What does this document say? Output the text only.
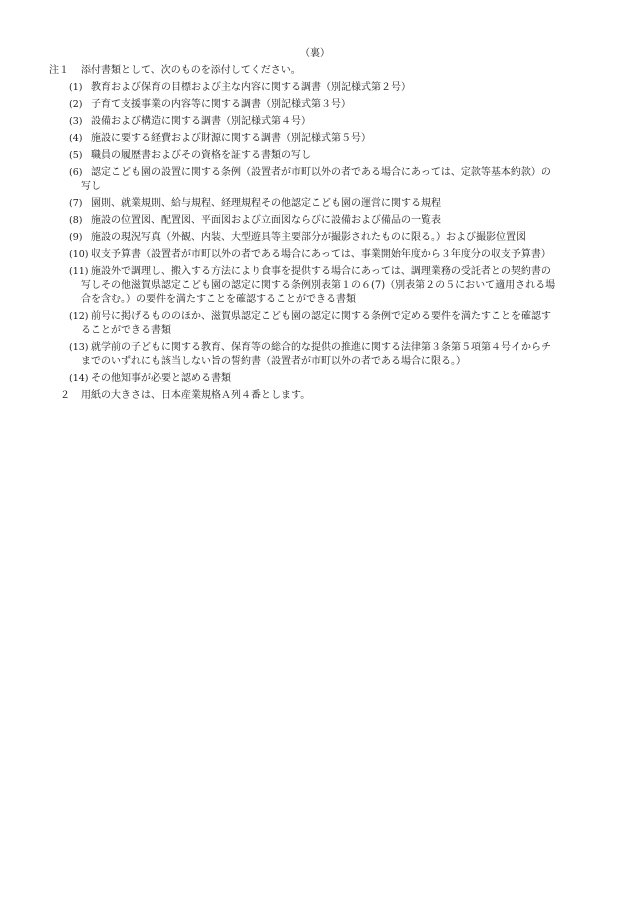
（裏）
注１	添付書類として、次のものを添付してください。
(1) 教育および保育の目標および主な内容に関する調書（別記様式第２号）
(2) 子育て支援事業の内容等に関する調書（別記様式第３号）
(3) 設備および構造に関する調書（別記様式第４号）
(4) 施設に要する経費および財源に関する調書（別記様式第５号）
(5) 職員の履歴書およびその資格を証する書類の写し
(6) 認定こども園の設置に関する条例（設置者が市町以外の者である場合にあっては、定款等基本約款）の
写し
(7) 園則、就業規則、給与規程、経理規程その他認定こども園の運営に関する規程
(8) 施設の位置図、配置図、平面図および立面図ならびに設備および備品の一覧表
(9) 施設の現況写真（外観、内装、大型遊具等主要部分が撮影されたものに限る。）および撮影位置図
(10) 収支予算書（設置者が市町以外の者である場合にあっては、事業開始年度から３年度分の収支予算書）
(11) 施設外で調理し、搬入する方法により食事を提供する場合にあっては、調理業務の受託者との契約書の
写しその他滋賀県認定こども園の認定に関する条例別表第１の６(7)（別表第２の５において適用される場
合を含む。）の要件を満たすことを確認することができる書類
(12) 前号に掲げるもののほか、滋賀県認定こども園の認定に関する条例で定める要件を満たすことを確認す
ることができる書類
(13) 就学前の子どもに関する教育、保育等の総合的な提供の推進に関する法律第３条第５項第４号イからチ
までのいずれにも該当しない旨の誓約書（設置者が市町以外の者である場合に限る。）
(14) その他知事が必要と認める書類
２	用紙の大きさは、日本産業規格Ａ列４番とします。
